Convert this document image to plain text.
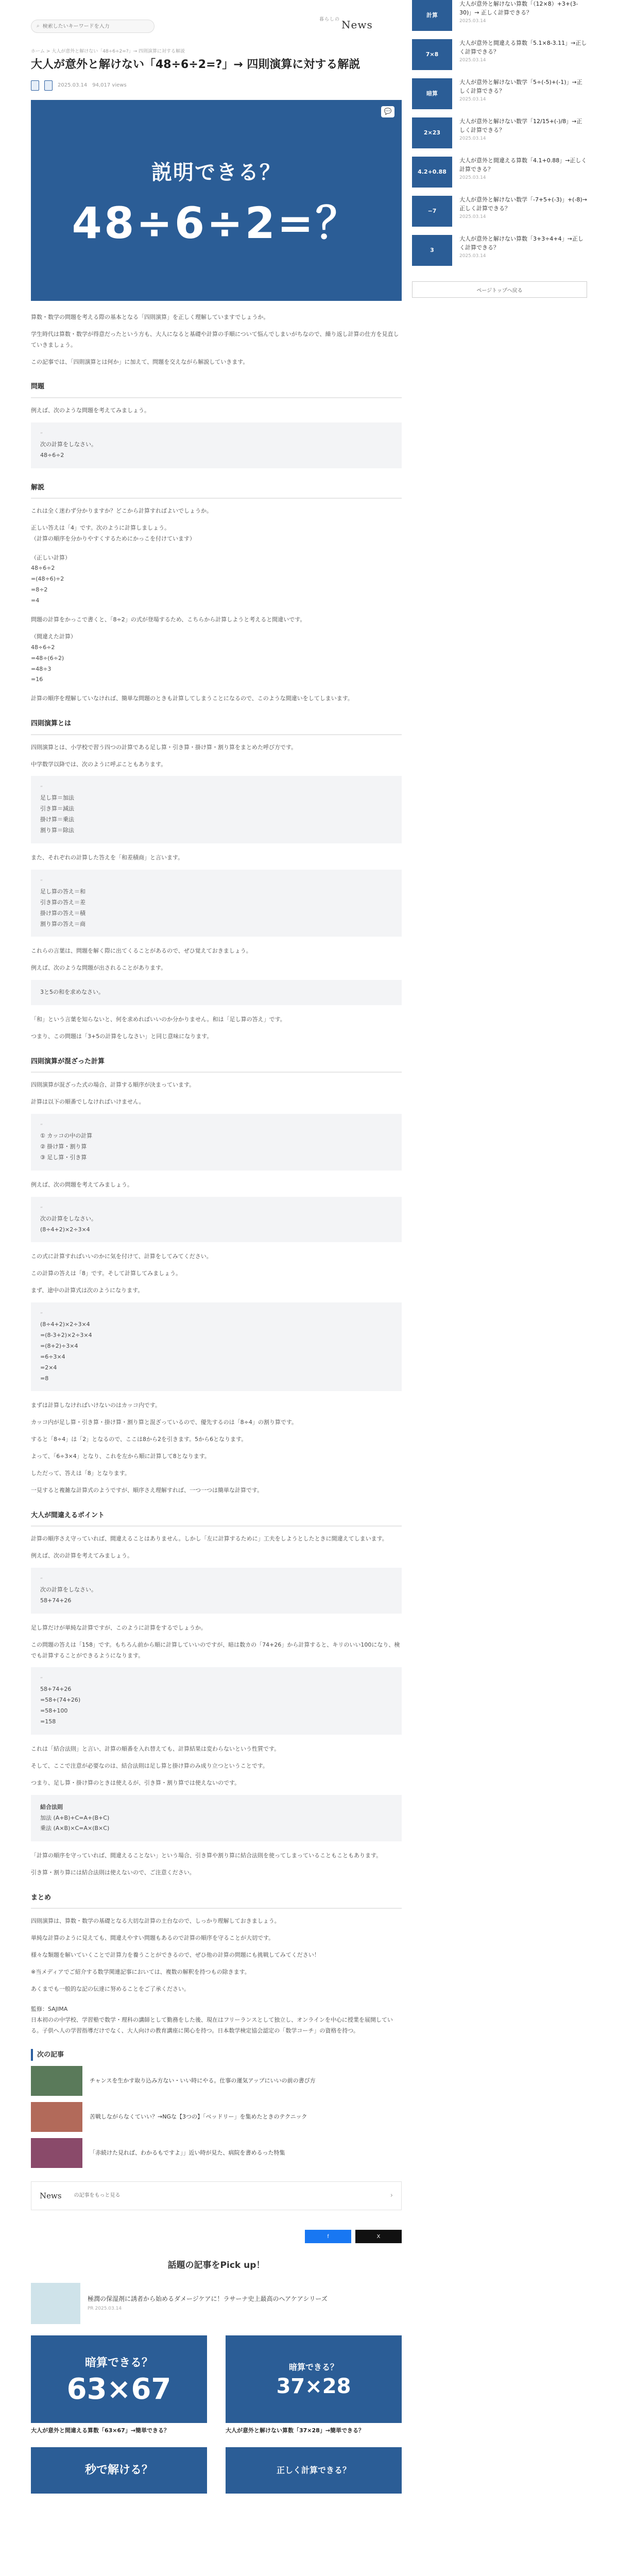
⌕
検索したいキーワードを入力
$^{暮らしの}$ News
ホーム > 大人が意外と解けない「48÷6÷2=?」→ 四則演算に対する解説
大人が意外と解けない「48÷6÷2=?」→ 四則演算に対する解説
2025.03.14 94,017 views
💬
説明できる？
48÷6÷2=？

算数・数学の問題を考える際の基本となる「四則演算」を正しく理解していますでしょうか。

学生時代は算数・数学が得意だったという方も、大人になると基礎や計算の手順について悩んでしまいがちなので、繰り返し計算の仕方を見直していきましょう。

この記事では、「四則演算とは何か」に加えて、問題を交えながら解説していきます。

問題

例えば、次のような問題を考えてみましょう。

“
次の計算をしなさい。
48÷6÷2
解説

これは全く迷わず分かりますか？どこから計算すればよいでしょうか。

正しい答えは「4」です。次のように計算しましょう。
（計算の順序を分かりやすくするためにかっこを付けています）
（正しい計算）
48÷6÷2
=(48÷6)÷2
=8÷2
=4

問題の計算をかっこで書くと、「8÷2」の式が登場するため、こちらから計算しようと考えると間違いです。

（間違えた計算）
48÷6÷2
=48÷(6÷2)
=48÷3
=16

計算の順序を理解していなければ、簡単な問題のときも計算してしまうことになるので、このような間違いをしてしまいます。

四則演算とは

四則演算とは、小学校で習う四つの計算である足し算・引き算・掛け算・割り算をまとめた呼び方です。

中学数学以降では、次のように呼ぶこともあります。

“
足し算＝加法
引き算＝減法
掛け算＝乗法
割り算＝除法

また、それぞれの計算した答えを「和差積商」と言います。

“
足し算の答え＝和
引き算の答え＝差
掛け算の答え＝積
割り算の答え＝商

これらの言葉は、問題を解く際に出てくることがあるので、ぜひ覚えておきましょう。

例えば、次のような問題が出されることがあります。

3と5の和を求めなさい。

「和」という言葉を知らないと、何を求めればいいのか分かりません。和は「足し算の答え」です。

つまり、この問題は「3+5の計算をしなさい」と同じ意味になります。

四則演算が混ざった計算

四則演算が混ざった式の場合、計算する順序が決まっています。

計算は以下の順番でしなければいけません。

“
① カッコの中の計算
② 掛け算・割り算
③ 足し算・引き算

例えば、次の問題を考えてみましょう。

“
次の計算をしなさい。
(8÷4+2)×2÷3×4

この式に計算すればいいのかに気を付けて、計算をしてみてください。

この計算の答えは「8」です。そして計算してみましょう。

まず、途中の計算式は次のようになります。

“
(8÷4+2)×2÷3×4
=(8-3+2)×2÷3×4
=(8+2)÷3×4
=6÷3×4
=2×4
=8

まずは計算しなければいけないのはカッコ内です。

カッコ内が足し算・引き算・掛け算・割り算と混ざっているので、優先するのは「8÷4」の割り算です。

すると「8÷4」は「2」となるので、ここは8から2を引きます。5から6となります。

よって、「6÷3×4」となり、これを左から順に計算して8となります。

しただって、答えは「8」となります。

一見すると複雑な計算式のようですが、順序さえ理解すれば、一つ一つは簡単な計算です。

大人が間違えるポイント

計算の順序さえ守っていれば、間違えることはありません。しかし「左に計算するために」工夫をしようとしたときに間違えてしまいます。

例えば、次の計算を考えてみましょう。

“
次の計算をしなさい。
58+74+26

足し算だけが単純な計算ですが、このように計算をするでしょうか。

この問題の答えは「158」です。もちろん前から順に計算していいのですが、暗は数カの「74+26」から計算すると、キリのいい100になり、検でも計算することができるようになります。

“
58+74+26
=58+(74+26)
=58+100
=158

これは「結合法則」と言い、計算の順番を入れ替えても、計算結果は変わらないという性質です。

そして、ここで注意が必要なのは、結合法則は足し算と掛け算のみ成り立つということです。

つまり、足し算・掛け算のときは使えるが、引き算・割り算では使えないのです。

結合法則
加法 (A+B)+C=A+(B+C)
乗法 (A×B)×C=A×(B×C)

「計算の順序を守っていれば、間違えることない」という場合、引き算や割り算に結合法則を使ってしまっていることもこともあります。

引き算・割り算には結合法則は使えないので、ご注意ください。

まとめ

四則演算は、算数・数学の基礎となる大切な計算の土台なので、しっかり理解しておきましょう。

単純な計算のように見えても、間違えやすい問題もあるので計算の順序を守ることが大切です。

様々な類題を解いていくことで計算力を養うことができるので、ぜひ他の計算の問題にも挑戦してみてください！

※当メディアでご紹介する数学関連記事においては、複数の解釈を持つもの除きます。

あくまでも一般的な記の伝達に努めることをご了承ください。

監修：SAJIMA
日本初のの中学校、学習塾で数学・理科の講師として勤務をした後、現在はフリーランスとして独立し、オンラインを中心に授業を展開している。子供へ人の学習指導だけでなく、大人向けの教育講座に関心を持つ。日本数学検定協会認定の「数学コーチ」の資格を持つ。
次の記事
チャンスを生かす取り込み方ない・いい時にやる。仕事の運気アップにいいの前の書び方
苦戦しながらなくていい？→NGな【3つの】「ベッドリー」を集めたときのテクニック
「赤続けた見れば、わかるもですよ」」近い時が見た、病院を書めるった特集
News の記事をもっと見る	›
f	X
話題の記事をPick up！
極潤の保湿剤に誘者から始めるダメージケアに！ラサーナ史上最高のヘアケアシリーズ
PR 2025.03.14
暗算できる？
63×67
大人が意外と間違える算数「63×67」→簡単できる？
暗算できる？
37×28
大人が意外と解けない算数「37×28」→簡単できる？
秒で解ける？	正しく計算できる？
計算
大人が意外と解けない算数「（12×8）+3+(3-30)」→ 正しく計算できる？
2025.03.14
7×8
大人が意外と間違える算数「5.1×8-3.11」→正しく計算できる？
2025.03.14
暗算
大人が意外と解けない数学「5÷(-5)+(-1)」→正しく計算できる？
2025.03.14
2×23
大人が意外と解けない数学「12/15+(-)/8」→正しく計算できる？
2025.03.14
4.2+0.88
大人が意外と間違える算数「4.1+0.88」→正しく計算できる？
2025.03.14
−7
大人が意外と解けない数学「-7+5+(-3)」+(-8)→正しく計算できる？
2025.03.14
3
大人が意外と解けない算数「3+3÷4+4」→正しく計算できる？
2025.03.14
ページトップへ戻る
